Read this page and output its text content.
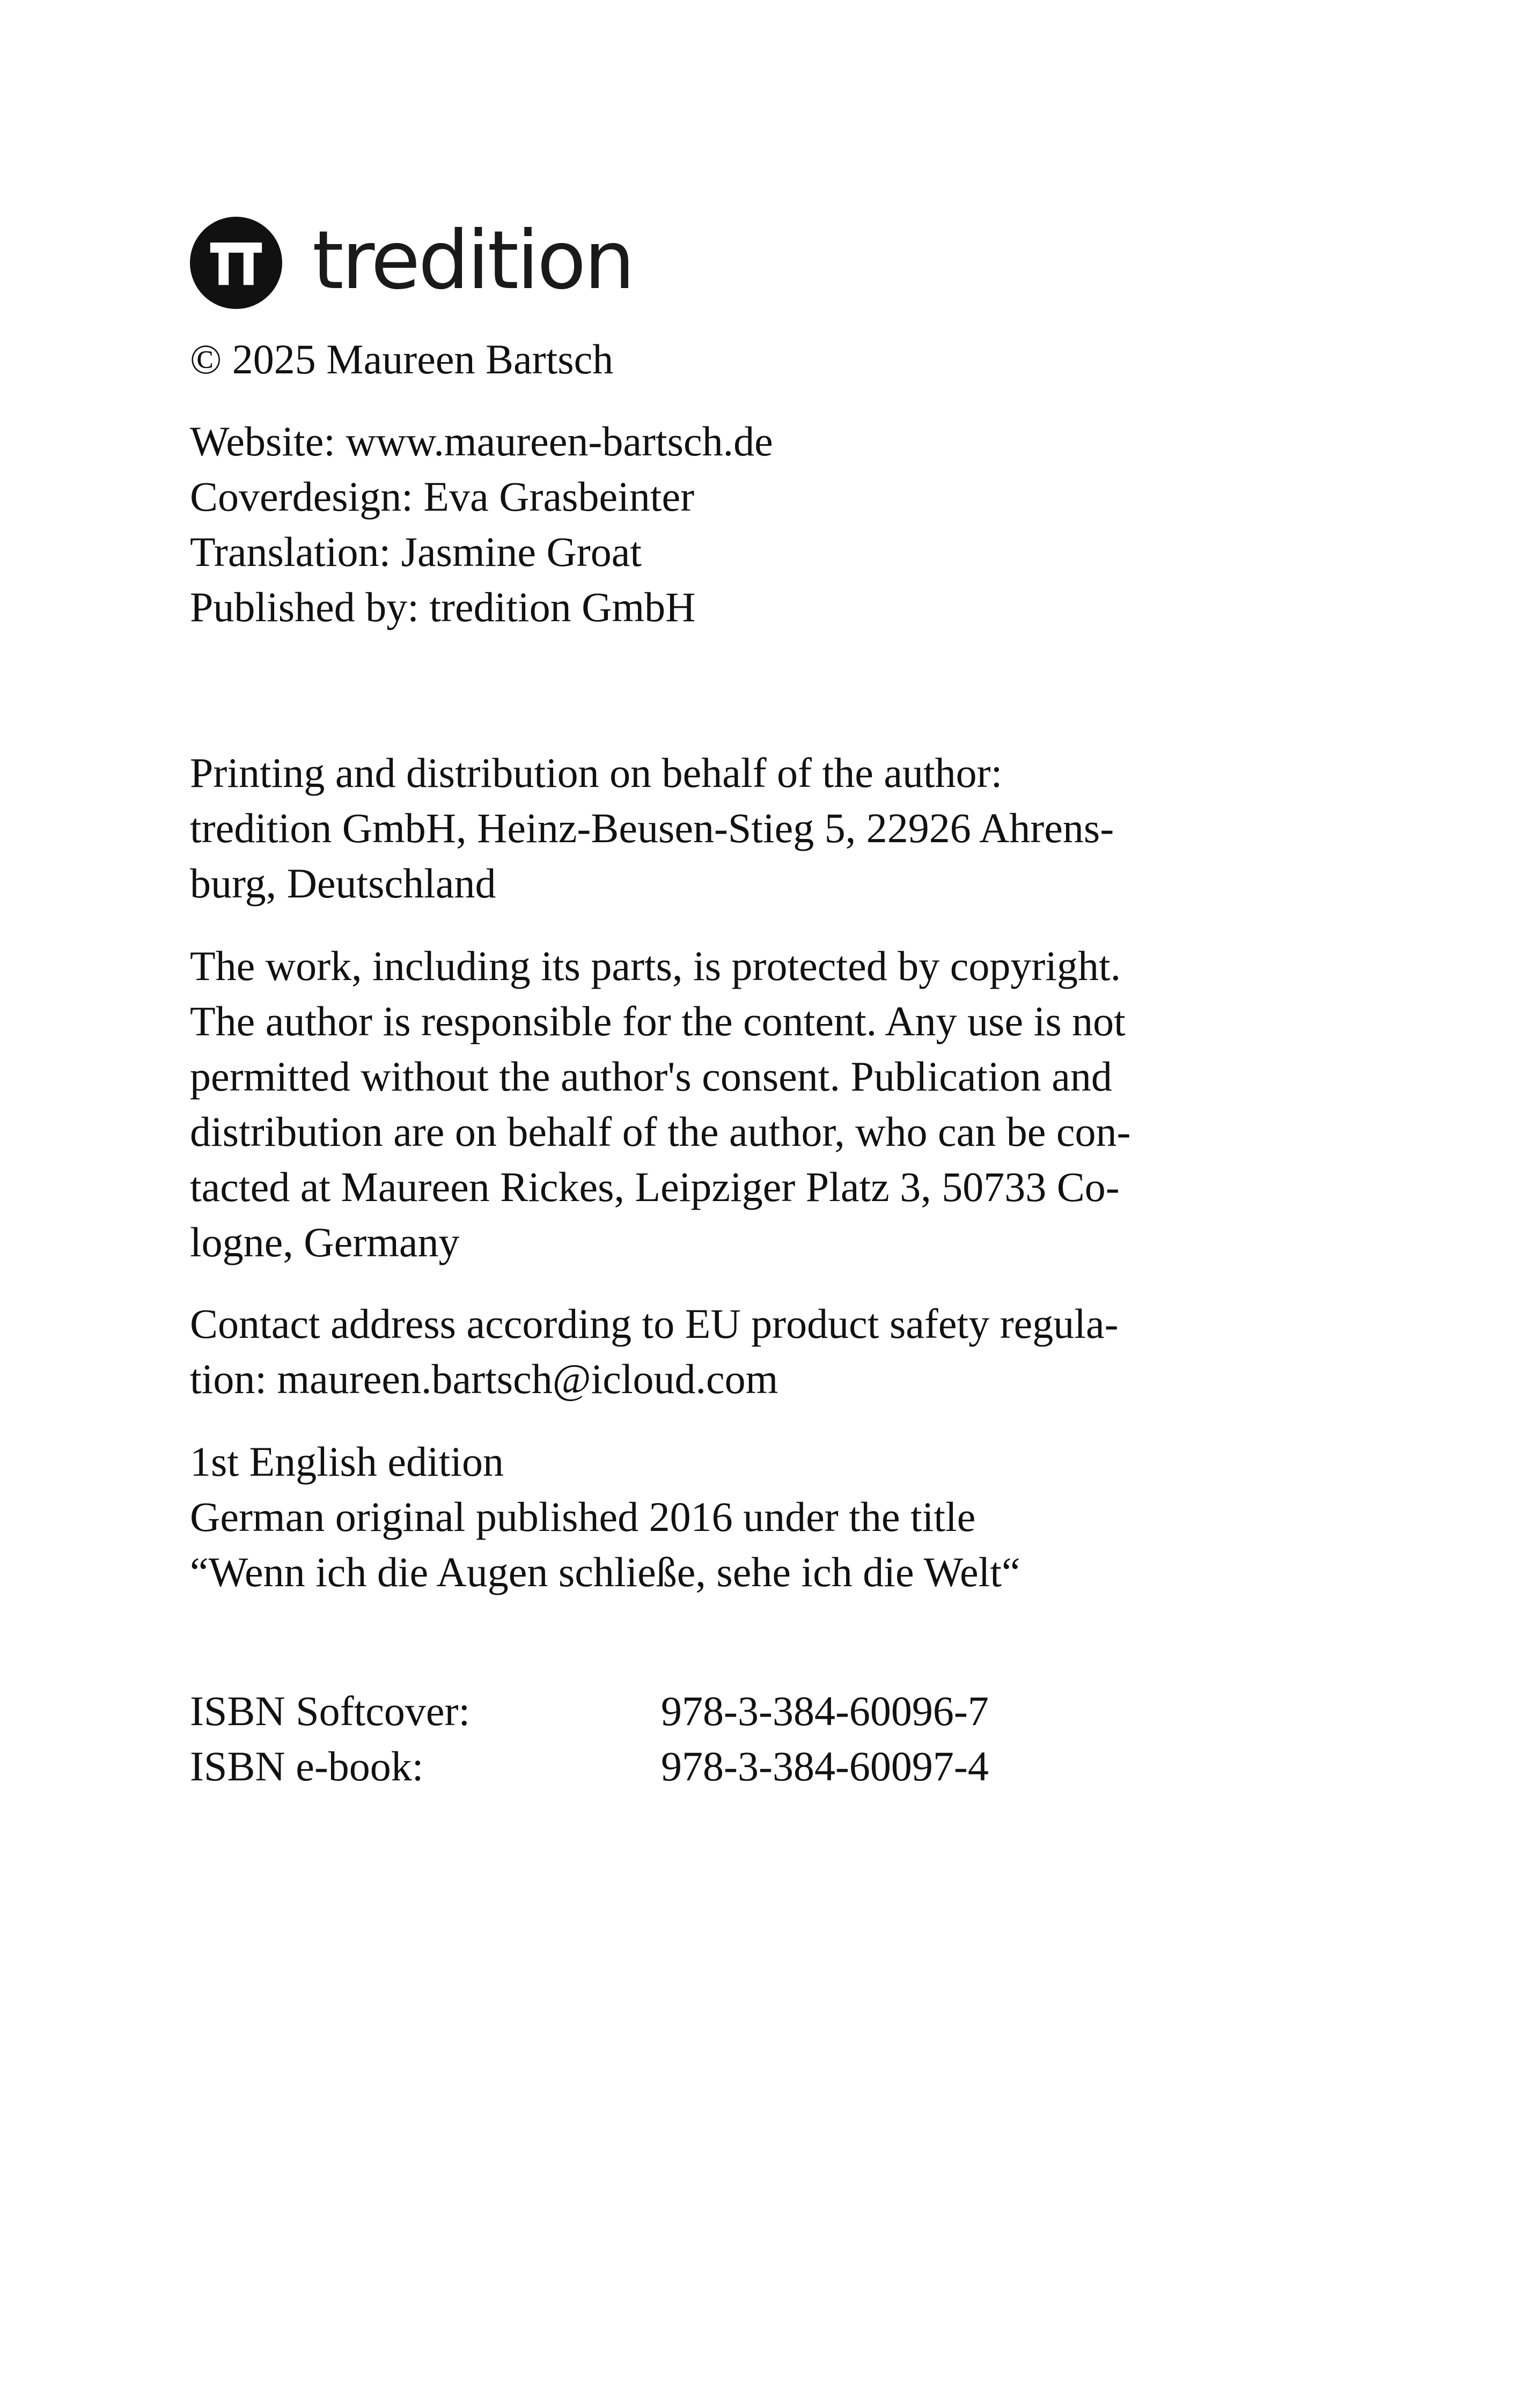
tredition
© 2025 Maureen Bartsch
Website: www.maureen-bartsch.de
Coverdesign: Eva Grasbeinter
Translation: Jasmine Groat
Published by: tredition GmbH
Printing and distribution on behalf of the author:
tredition GmbH, Heinz-Beusen-Stieg 5, 22926 Ahrens-
burg, Deutschland
The work, including its parts, is protected by copyright.
The author is responsible for the content. Any use is not
permitted without the author's consent. Publication and
distribution are on behalf of the author, who can be con-
tacted at Maureen Rickes, Leipziger Platz 3, 50733 Co-
logne, Germany
Contact address according to EU product safety regula-
tion: maureen.bartsch@icloud.com
1st English edition
German original published 2016 under the title
“Wenn ich die Augen schließe, sehe ich die Welt“
ISBN Softcover:	978-3-384-60096-7
ISBN e-book:	978-3-384-60097-4
